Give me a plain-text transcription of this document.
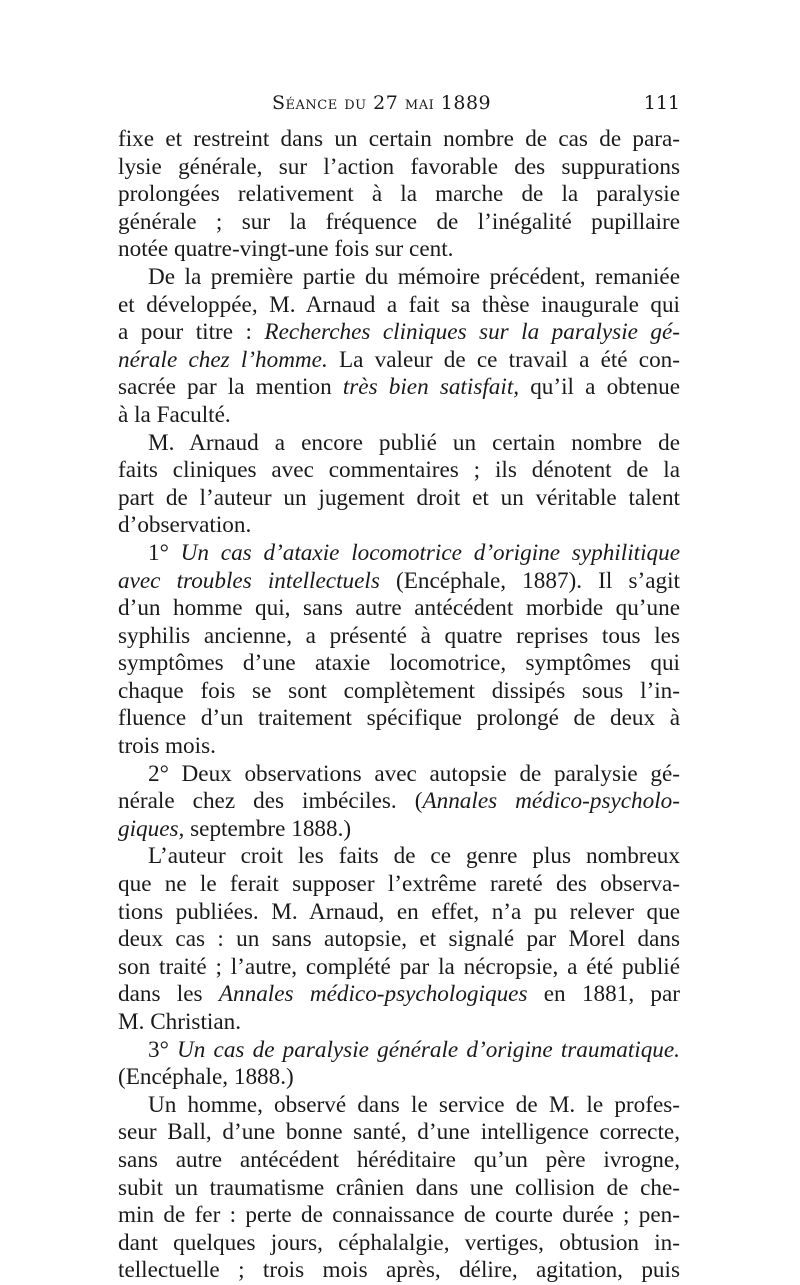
Séance du 27 mai 1889	111
fixe et restreint dans un certain nombre de cas de para-
lysie générale, sur l’action favorable des suppurations
prolongées relativement à la marche de la paralysie
générale ; sur la fréquence de l’inégalité pupillaire
notée quatre-vingt-une fois sur cent.
De la première partie du mémoire précédent, remaniée
et développée, M. Arnaud a fait sa thèse inaugurale qui
a pour titre : Recherches cliniques sur la paralysie gé-
nérale chez l’homme. La valeur de ce travail a été con-
sacrée par la mention très bien satisfait, qu’il a obtenue
à la Faculté.
M. Arnaud a encore publié un certain nombre de
faits cliniques avec commentaires ; ils dénotent de la
part de l’auteur un jugement droit et un véritable talent
d’observation.
1° Un cas d’ataxie locomotrice d’origine syphilitique
avec troubles intellectuels (Encéphale, 1887). Il s’agit
d’un homme qui, sans autre antécédent morbide qu’une
syphilis ancienne, a présenté à quatre reprises tous les
symptômes d’une ataxie locomotrice, symptômes qui
chaque fois se sont complètement dissipés sous l’in-
fluence d’un traitement spécifique prolongé de deux à
trois mois.
2° Deux observations avec autopsie de paralysie gé-
nérale chez des imbéciles. (Annales médico-psycholo-
giques, septembre 1888.)
L’auteur croit les faits de ce genre plus nombreux
que ne le ferait supposer l’extrême rareté des observa-
tions publiées. M. Arnaud, en effet, n’a pu relever que
deux cas : un sans autopsie, et signalé par Morel dans
son traité ; l’autre, complété par la nécropsie, a été publié
dans les Annales médico-psychologiques en 1881, par
M. Christian.
3° Un cas de paralysie générale d’origine traumatique.
(Encéphale, 1888.)
Un homme, observé dans le service de M. le profes-
seur Ball, d’une bonne santé, d’une intelligence correcte,
sans autre antécédent héréditaire qu’un père ivrogne,
subit un traumatisme crânien dans une collision de che-
min de fer : perte de connaissance de courte durée ; pen-
dant quelques jours, céphalalgie, vertiges, obtusion in-
tellectuelle ; trois mois après, délire, agitation, puis
